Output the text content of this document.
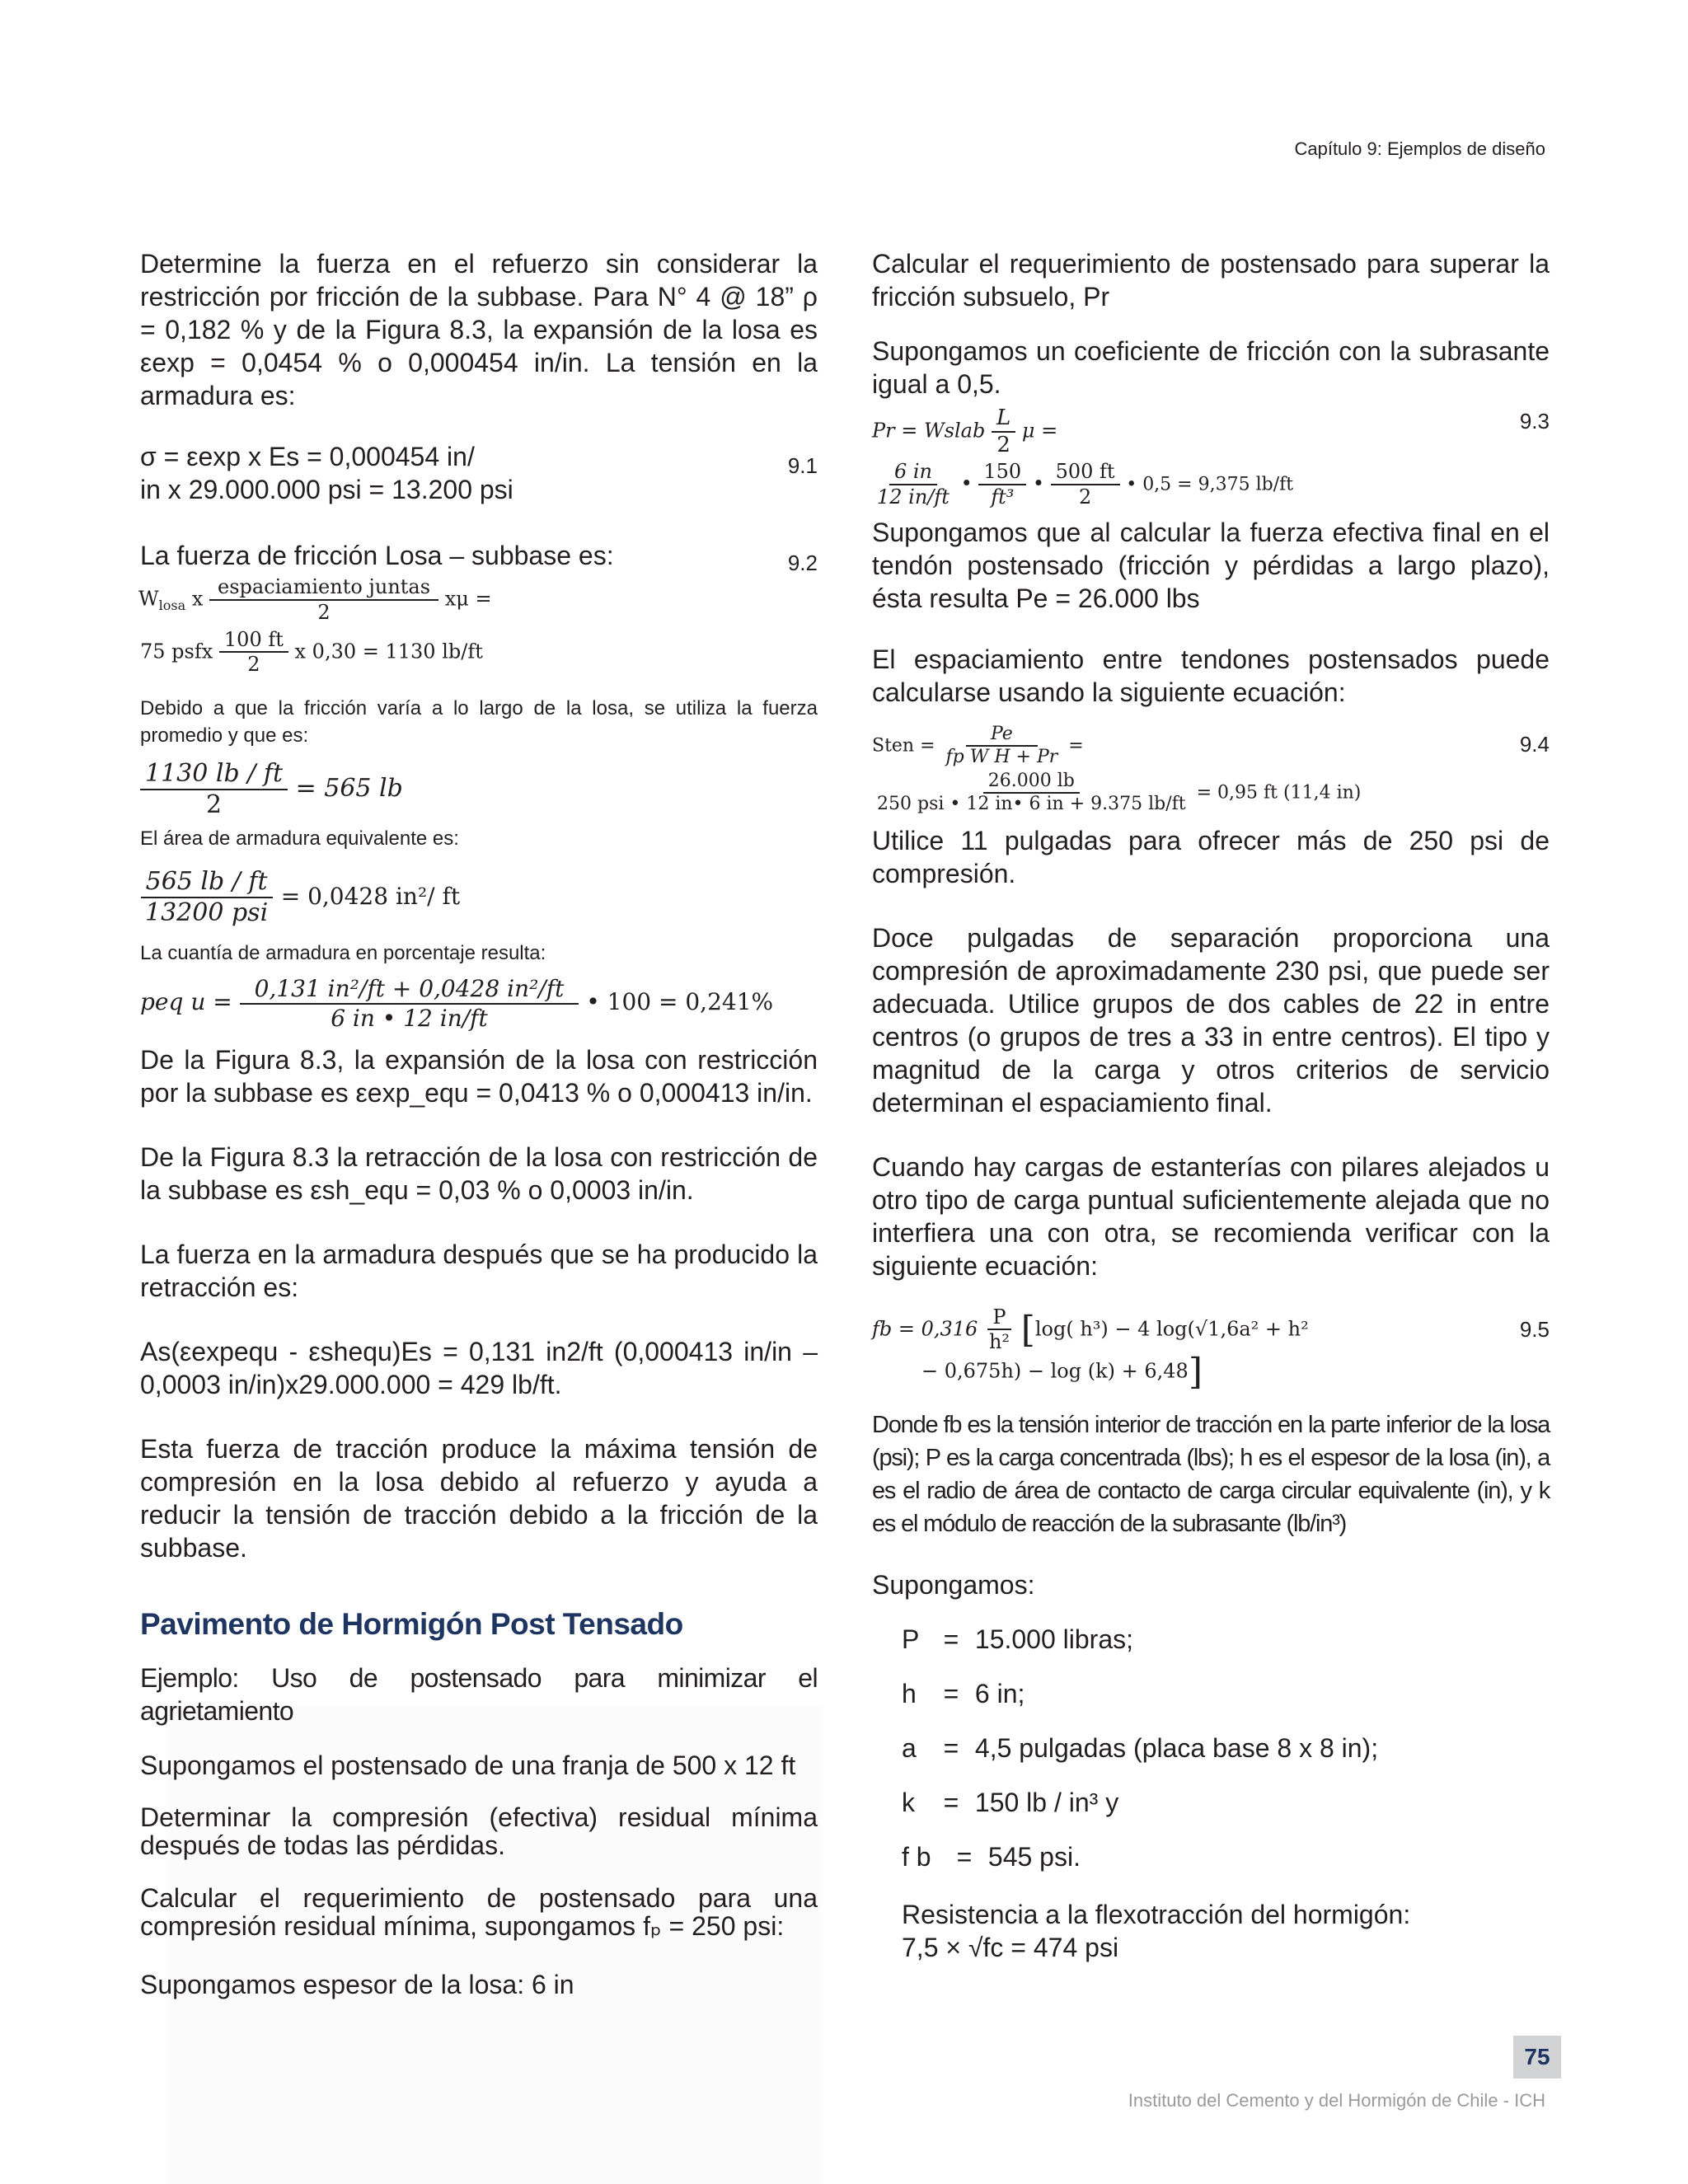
Capítulo 9: Ejemplos de diseño

Determine la fuerza en el refuerzo sin considerar la restricción por fricción de la subbase. Para N° 4 @ 18” ρ = 0,182 % y de la Figura 8.3, la expansión de la losa es εexp = 0,0454 % o 0,000454 in/in. La tensión en la armadura es:

9.1

σ = εexp x Es = 0,000454 in/

in x 29.000.000 psi = 13.200 psi

La fuerza de fricción Losa – subbase es:	9.2
$W_{losa}$ x $\frac{\text{espaciamiento juntas}}{2}$ xμ =
75 psfx $\frac{100 ft}{2}$ x 0,30 = 1130 lb/ft

Debido a que la fricción varía a lo largo de la losa, se utiliza la fuerza promedio y que es:

$\frac{1130 lb / ft}{2} = 565$ lb

El área de armadura equivalente es:

$\frac{565 lb / ft}{\text{13200 psi}} = 0,0428$ in²/ ft

La cuantía de armadura en porcentaje resulta:

peq $u = \frac{\text{0,131 in²/ft + 0,0428 in²/ft}}{6 in • 12 in/ft}$ • 100 = 0,241%

De la Figura 8.3, la expansión de la losa con restricción por la subbase es εexp_equ = 0,0413 % o 0,000413 in/in.

De la Figura 8.3 la retracción de la losa con restricción de la subbase es εsh_equ = 0,03 % o 0,0003 in/in.

La fuerza en la armadura después que se ha producido la retracción es:

As(εexpequ - εshequ)Es = 0,131 in2/ft (0,000413 in/in – 0,0003 in/in)x29.000.000 = 429 lb/ft.

Esta fuerza de tracción produce la máxima tensión de compresión en la losa debido al refuerzo y ayuda a reducir la tensión de tracción debido a la fricción de la subbase.

Pavimento de Hormigón Post Tensado

Ejemplo: Uso de postensado para minimizar el agrietamiento

Supongamos el postensado de una franja de 500 x 12 ft

Determinar la compresión (efectiva) residual mínima después de todas las pérdidas.

Calcular el requerimiento de postensado para una compresión residual mínima, supongamos fₚ = 250 psi:

Supongamos espesor de la losa: 6 in

Calcular el requerimiento de postensado para superar la fricción subsuelo, Pr

Supongamos un coeficiente de fricción con la subrasante igual a 0,5.

9.3
Pr = Wslab $\frac{L}{2}$ μ =
$\frac{6 in}{12 in/ft}$ • $\frac{150}{\text{ft³}}$ • $\frac{500 ft}{2}$ • 0,5 = 9,375 lb/ft

Supongamos que al calcular la fuerza efectiva final en el tendón postensado (fricción y pérdidas a largo plazo), ésta resulta Pe = 26.000 lbs

El espaciamiento entre tendones postensados puede calcularse usando la siguiente ecuación:

9.4
Sten = $\frac{Pe}{\text{fp W H + Pr}}$ =
$\frac{26.000 lb}{\text{250 psi • 12 in• 6 in + 9.375 lb/ft}} = 0,95$ ft (11,4 in)

Utilice 11 pulgadas para ofrecer más de 250 psi de compresión.

Doce pulgadas de separación proporciona una compresión de aproximadamente 230 psi, que puede ser adecuada. Utilice grupos de dos cables de 22 in entre centros (o grupos de tres a 33 in entre centros). El tipo y magnitud de la carga y otros criterios de servicio determinan el espaciamiento final.

Cuando hay cargas de estanterías con pilares alejados u otro tipo de carga puntual suficientemente alejada que no interfiera una con otra, se recomienda verificar con la siguiente ecuación:

9.5
fb = $0,316 \frac{P}{\text{h²}} [\log$( h³) − 4 log(√1,6a² + h²
− 0,675h) − log (k) + 6,48]

Donde fb es la tensión interior de tracción en la parte inferior de la losa (psi); P es la carga concentrada (lbs); h es el espesor de la losa (in), a es el radio de área de contacto de carga circular equivalente (in), y k es el módulo de reacción de la subrasante (lb/in³)

Supongamos:

P = 15.000 libras;
h = 6 in;
a = 4,5 pulgadas (placa base 8 x 8 in);
k = 150 lb / in³ y
f b = 545 psi.

Resistencia a la flexotracción del hormigón:

7,5 × √fc = 474 psi

75
Instituto del Cemento y del Hormigón de Chile - ICH
